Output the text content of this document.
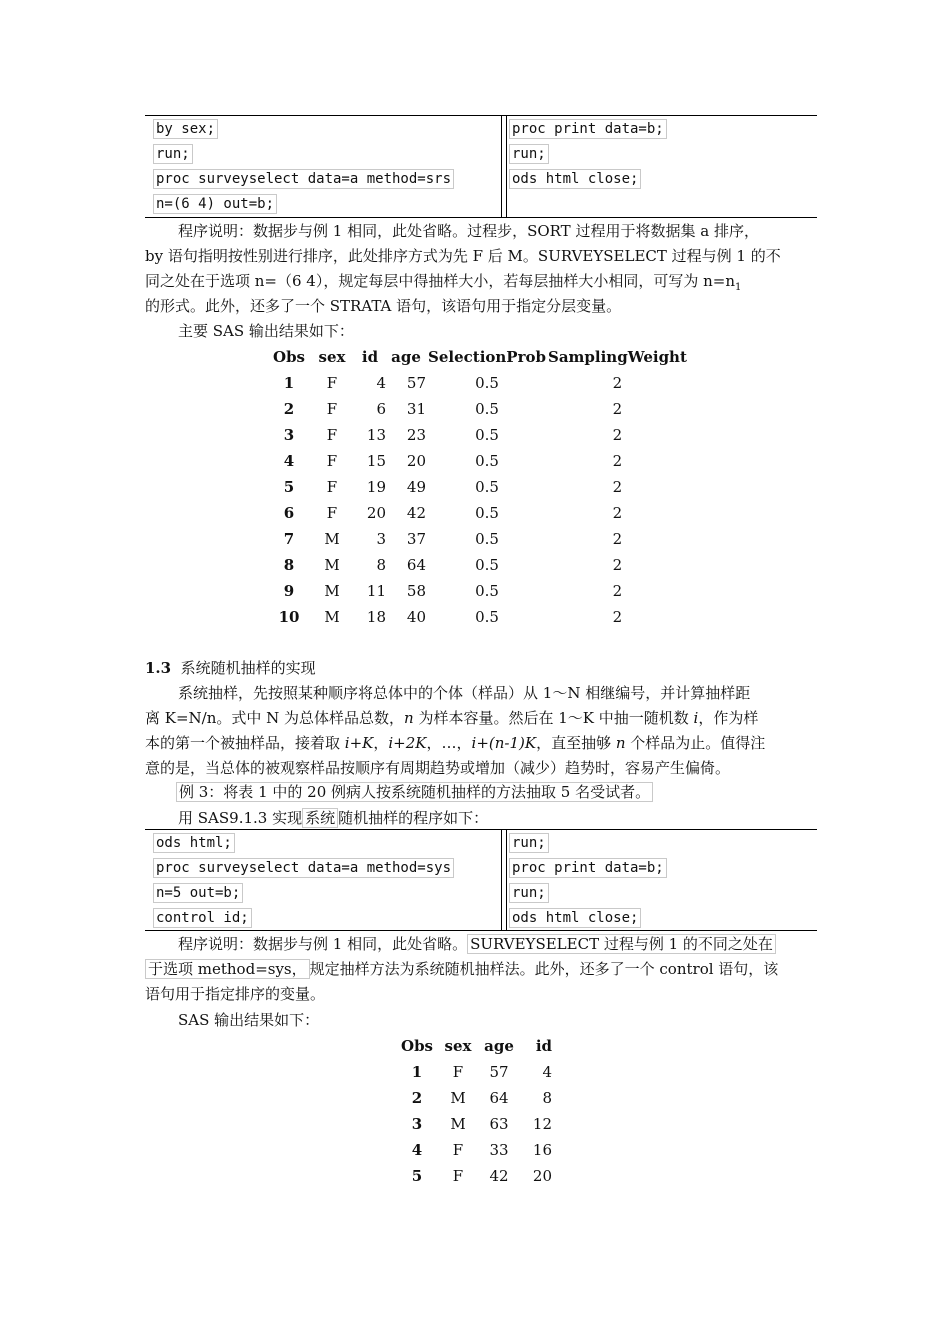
by sex;
run;
proc surveyselect data=a method=srs
n=(6 4) out=b;
proc print data=b;
run;
ods html close;
程序说明：数据步与例 1 相同，此处省略。过程步，SORT 过程用于将数据集 a 排序，
by 语句指明按性别进行排序，此处排序方式为先 F 后 M。SURVEYSELECT 过程与例 1 的不
同之处在于选项 n=（6 4），规定每层中得抽样大小，若每层抽样大小相同，可写为 $n=n_1$
的形式。此外，还多了一个 STRATA 语句，该语句用于指定分层变量。
主要 SAS 输出结果如下：
Obs	sex	id	age	SelectionProb	SamplingWeight
1	F	4	57	0.5	2
2	F	6	31	0.5	2
3	F	13	23	0.5	2
4	F	15	20	0.5	2
5	F	19	49	0.5	2
6	F	20	42	0.5	2
7	M	3	37	0.5	2
8	M	8	64	0.5	2
9	M	11	58	0.5	2
10	M	18	40	0.5	2
1.3 系统随机抽样的实现
系统抽样，先按照某种顺序将总体中的个体（样品）从 1～N 相继编号，并计算抽样距
离 K=N/n。式中 N 为总体样品总数，n 为样本容量。然后在 1～K 中抽一随机数 i，作为样
本的第一个被抽样品，接着取 i+K，i+2K，…，i+(n-1)K，直至抽够 n 个样品为止。值得注
意的是，当总体的被观察样品按顺序有周期趋势或增加（减少）趋势时，容易产生偏倚。
例 3：将表 1 中的 20 例病人按系统随机抽样的方法抽取 5 名受试者。
用 SAS9.1.3 实现 系统 随机抽样的程序如下：
ods html;
proc surveyselect data=a method=sys
n=5 out=b;
control id;
run;
proc print data=b;
run;
ods html close;
程序说明：数据步与例 1 相同，此处省略。 SURVEYSELECT 过程与例 1 的不同之处在
于选项 method=sys， 规定抽样方法为系统随机抽样法。此外，还多了一个 control 语句，该
语句用于指定排序的变量。
SAS 输出结果如下：
Obs	sex	age	id
1	F	57	4
2	M	64	8
3	M	63	12
4	F	33	16
5	F	42	20
